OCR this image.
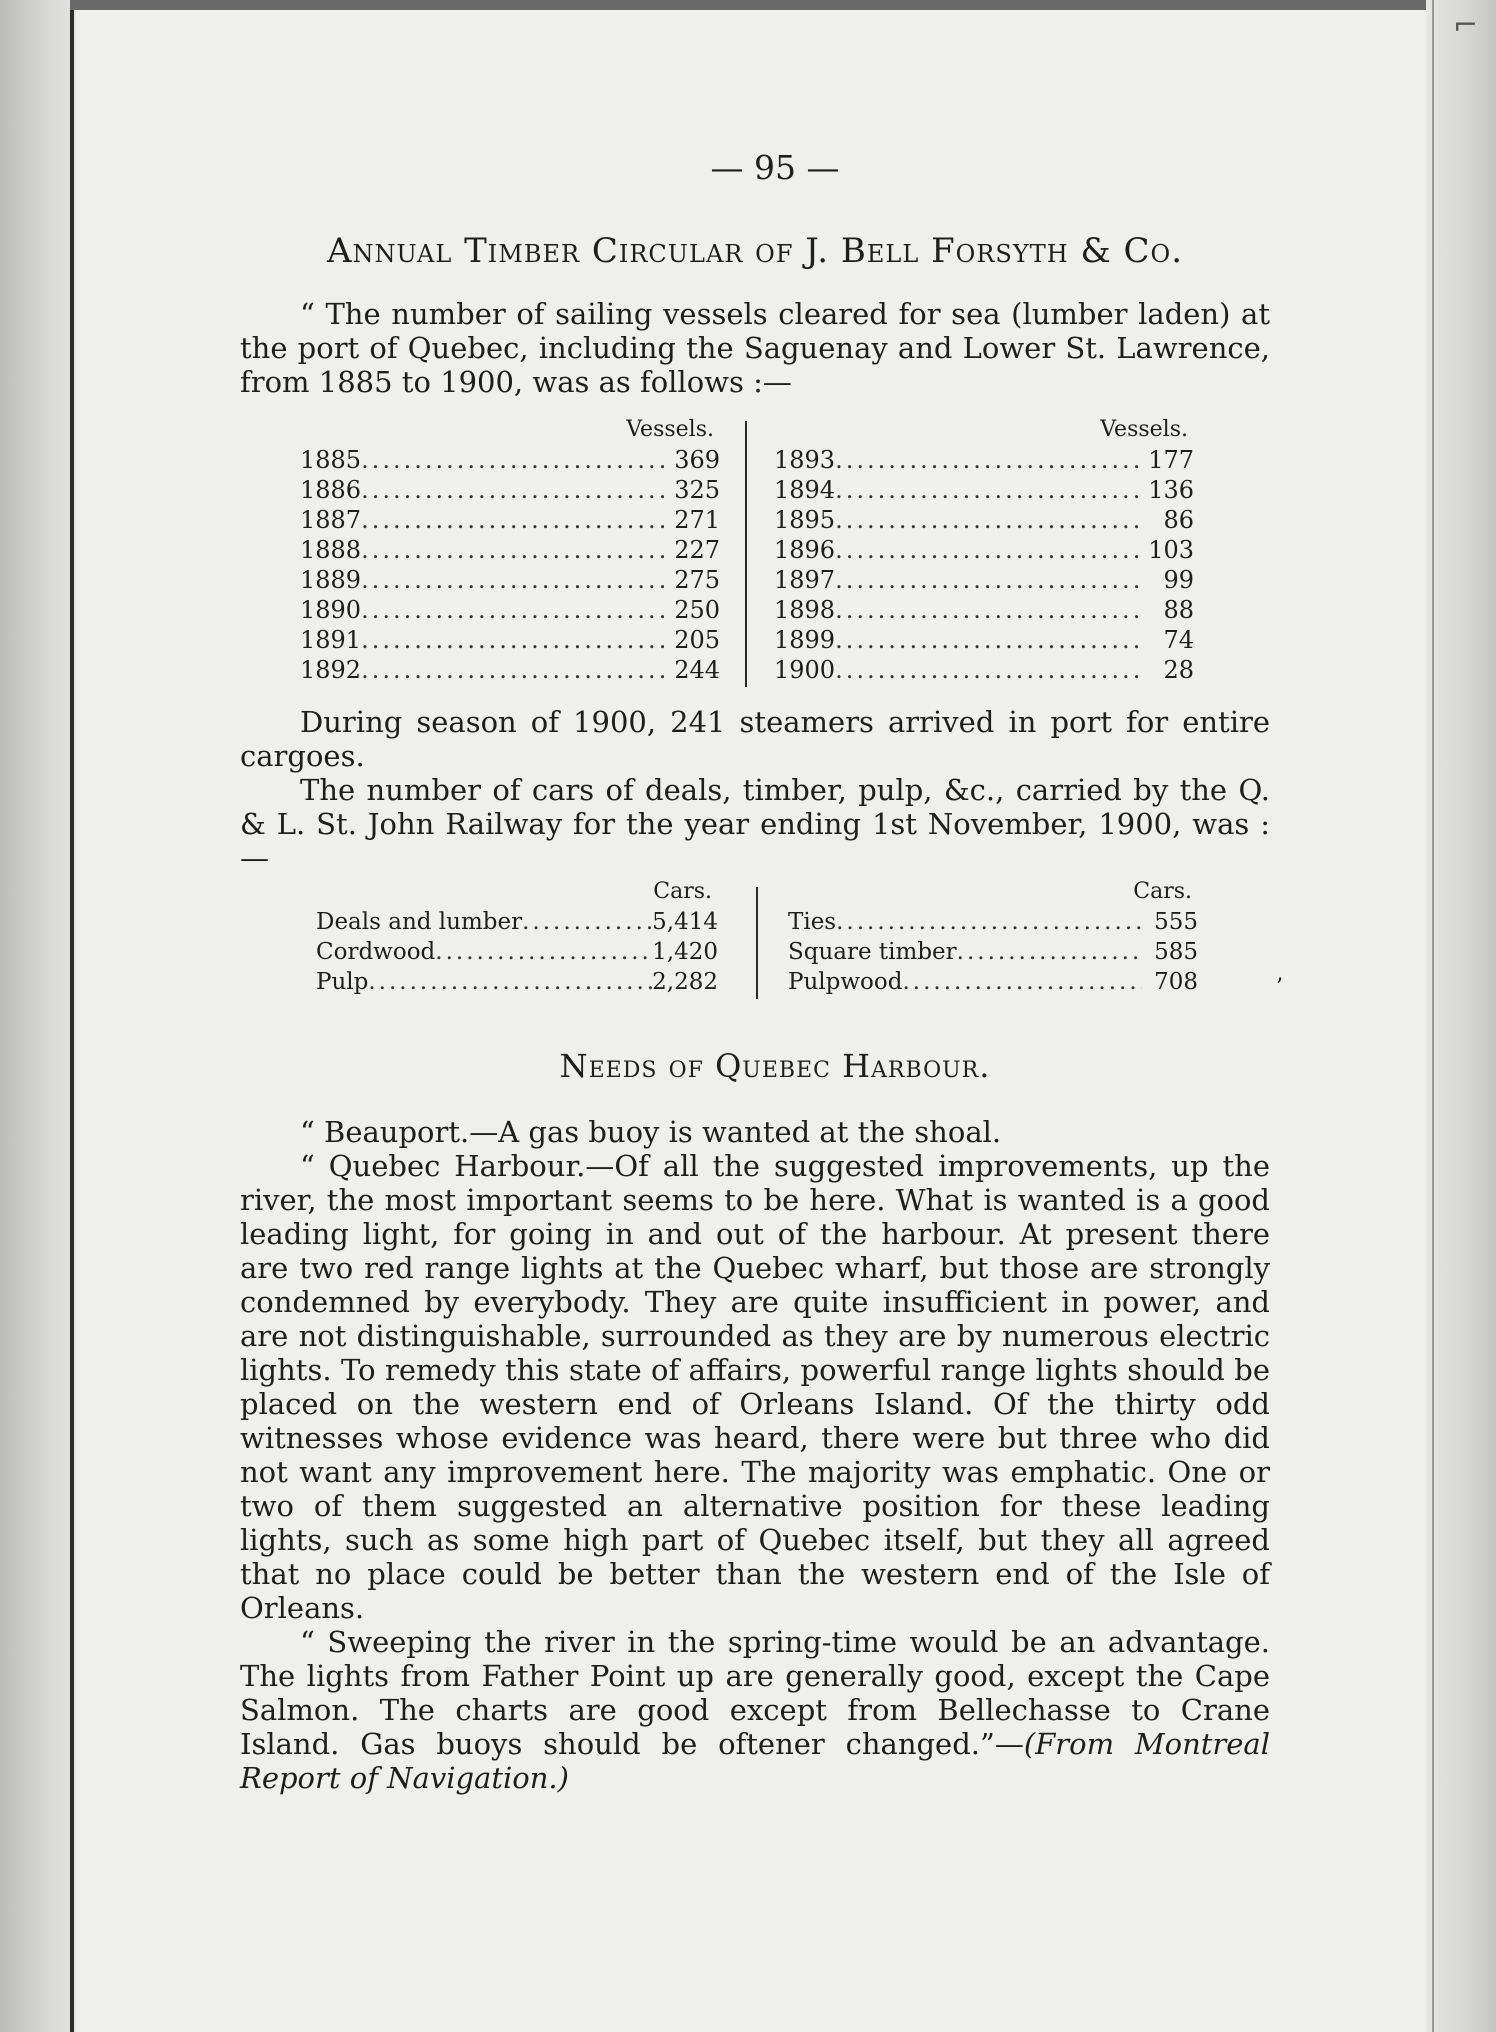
⌐
— 95 —
Annual Timber Circular of J. Bell Forsyth & Co.

“ The number of sailing vessels cleared for sea (lumber laden) at the port of Quebec, including the Saguenay and Lower St. Lawrence, from 1885 to 1900, was as follows :—

Vessels.
1885 .....	369
1886 .....	325
1887 .....	271
1888 .....	227
1889 .....	275
1890 .....	250
1891 .....	205
1892 .....	244
Vessels.
1893 .....	177
1894 .....	136
1895 .....	86
1896 .....	103
1897 .....	99
1898 .....	88
1899 .....	74
1900 .....	28

During season of 1900, 241 steamers arrived in port for entire cargoes.

The number of cars of deals, timber, pulp, &c., carried by the Q. & L. St. John Railway for the year ending 1st November, 1900, was :—

Cars.
Deals and lumber .....	5,414
Cordwood .....	1,420
Pulp .....	2,282
Cars.
Ties .....	555
Square timber .....	585
Pulpwood .....	708	’
Needs of Quebec Harbour.

“ Beauport.—A gas buoy is wanted at the shoal.

“ Quebec Harbour.—Of all the suggested improvements, up the river, the most important seems to be here. What is wanted is a good leading light, for going in and out of the harbour. At present there are two red range lights at the Quebec wharf, but those are strongly condemned by everybody. They are quite insufficient in power, and are not distinguishable, surrounded as they are by numerous electric lights. To remedy this state of affairs, powerful range lights should be placed on the western end of Orleans Island. Of the thirty odd witnesses whose evidence was heard, there were but three who did not want any improvement here. The majority was emphatic. One or two of them suggested an alternative position for these leading lights, such as some high part of Quebec itself, but they all agreed that no place could be better than the western end of the Isle of Orleans.

“ Sweeping the river in the spring-time would be an advantage. The lights from Father Point up are generally good, except the Cape Salmon. The charts are good except from Bellechasse to Crane Island. Gas buoys should be oftener changed.”—(From Montreal Report of Navigation.)
